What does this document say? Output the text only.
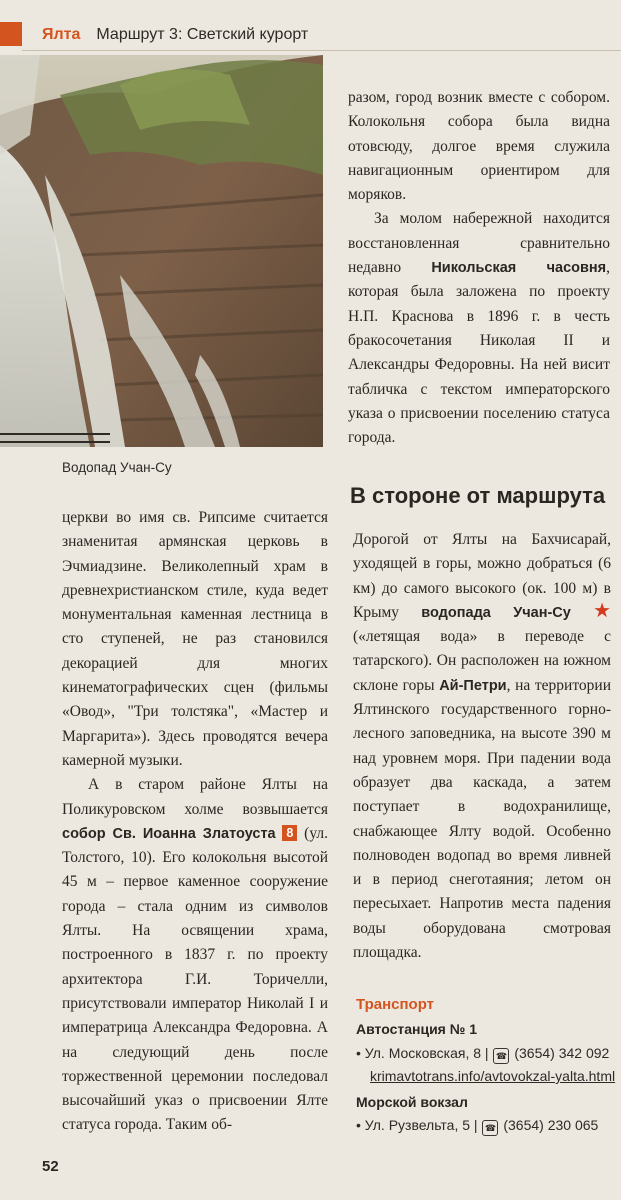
Ялта Маршрут 3: Светский курорт
Водопад Учан-Су

разом, город возник вместе с собором. Колокольня собора была видна отовсюду, долгое время служила навигационным ориентиром для моряков.

За молом набережной находится восстановленная сравнительно недавно Никольская часовня, которая была заложена по проекту Н.П. Краснова в 1896 г. в честь бракосочетания Николая II и Александры Федоровны. На ней висит табличка с текстом императорского указа о присвоении поселению статуса города.

церкви во имя св. Рипсиме считается знаменитая армянская церковь в Эчмиадзине. Великолепный храм в древнехристианском стиле, куда ведет монументальная каменная лестница в сто ступеней, не раз становился декорацией для многих кинематографических сцен (фильмы «Овод», "Три толстяка", «Мастер и Маргарита»). Здесь проводятся вечера камерной музыки.

А в старом районе Ялты на Поликуровском холме возвышается собор Св. Иоанна Златоуста 8 (ул. Толстого, 10). Его колокольня высотой 45 м – первое каменное сооружение города – стала одним из символов Ялты. На освящении храма, построенного в 1837 г. по проекту архитектора Г.И. Торичелли, присутствовали император Николай I и императрица Александра Федоровна. А на следующий день после торжественной церемонии последовал высочайший указ о присвоении Ялте статуса города. Таким об-

В стороне от маршрута

Дорогой от Ялты на Бахчисарай, уходящей в горы, можно добраться (6 км) до самого высокого (ок. 100 м) в Крыму водопада Учан-Су ★ («летящая вода» в переводе с татарского). Он расположен на южном склоне горы Ай-Петри, на территории Ялтинского государственного горно-лесного заповедника, на высоте 390 м над уровнем моря. При падении вода образует два каскада, а затем поступает в водохранилище, снабжающее Ялту водой. Особенно полноводен водопад во время ливней и в период снеготаяния; летом он пересыхает. Напротив места падения воды оборудована смотровая площадка.

Транспорт
Автостанция № 1
• Ул. Московская, 8 | ☎ (3654) 342 092
krimavtotrans.info/avtovokzal-yalta.html
Морской вокзал
• Ул. Рузвельта, 5 | ☎ (3654) 230 065
52
